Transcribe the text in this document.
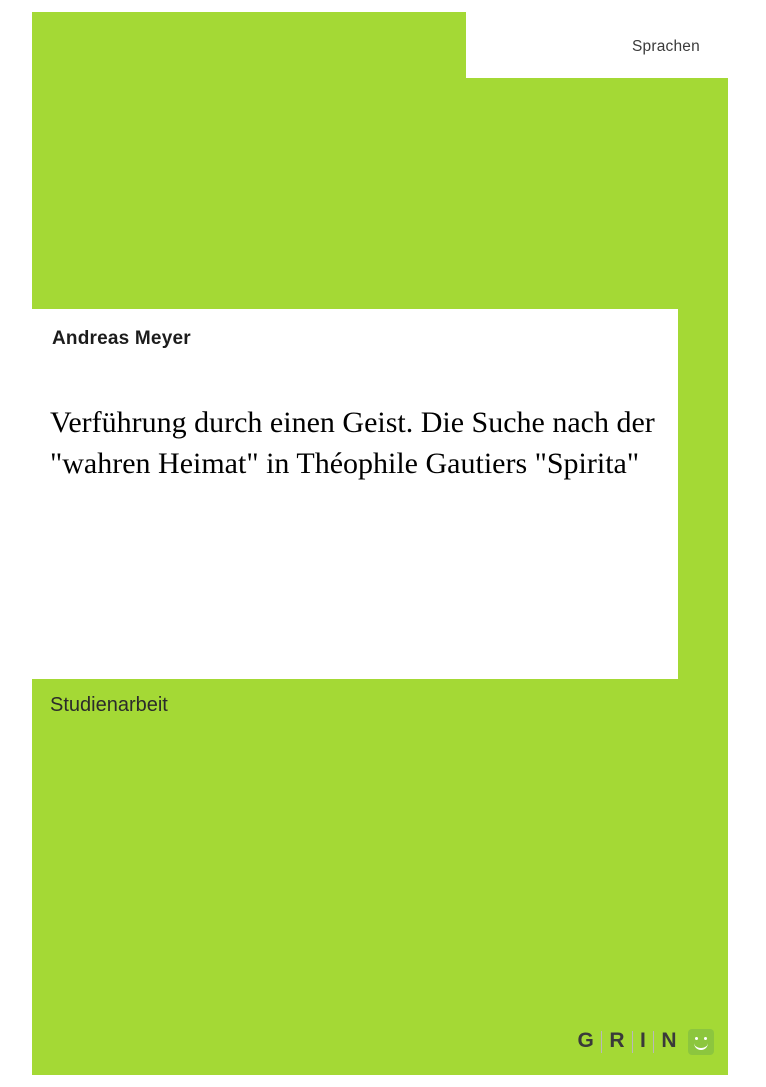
Sprachen
Andreas Meyer
Verführung durch einen Geist. Die Suche nach der "wahren Heimat" in Théophile Gautiers "Spirita"
Studienarbeit
G R I N
